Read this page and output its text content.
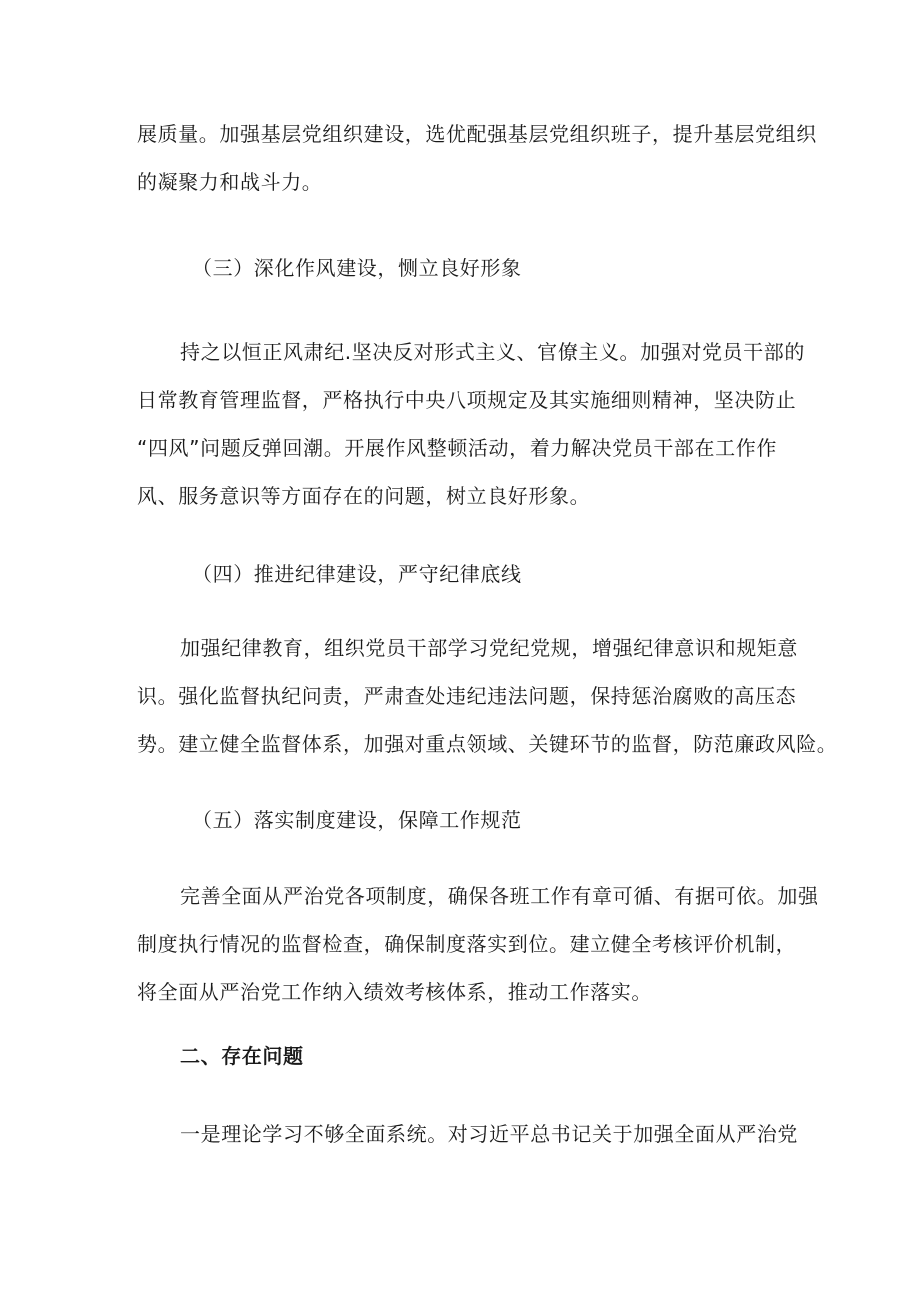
展质量。加强基层党组织建设，选优配强基层党组织班子，提升基层党组织
的凝聚力和战斗力。
（三）深化作风建设，恻立良好形象
持之以恒正风肃纪.坚决反对形式主义、官僚主义。加强对党员干部的
日常教育管理监督，严格执行中央八项规定及其实施细则精神，坚决防止
“四风”问题反弹回潮。开展作风整顿活动，着力解决党员干部在工作作
风、服务意识等方面存在的问题，树立良好形象。
（四）推进纪律建设，严守纪律底线
加强纪律教育，组织党员干部学习党纪党规，增强纪律意识和规矩意
识。强化监督执纪问责，严肃查处违纪违法问题，保持惩治腐败的高压态
势。建立健全监督体系，加强对重点领域、关键环节的监督，防范廉政风险。
（五）落实制度建设，保障工作规范
完善全面从严治党各项制度，确保各班工作有章可循、有据可依。加强
制度执行情况的监督检查，确保制度落实到位。建立健全考核评价机制，
将全面从严治党工作纳入绩效考核体系，推动工作落实。
二、存在问题
一是理论学习不够全面系统。对习近平总书记关于加强全面从严治党
